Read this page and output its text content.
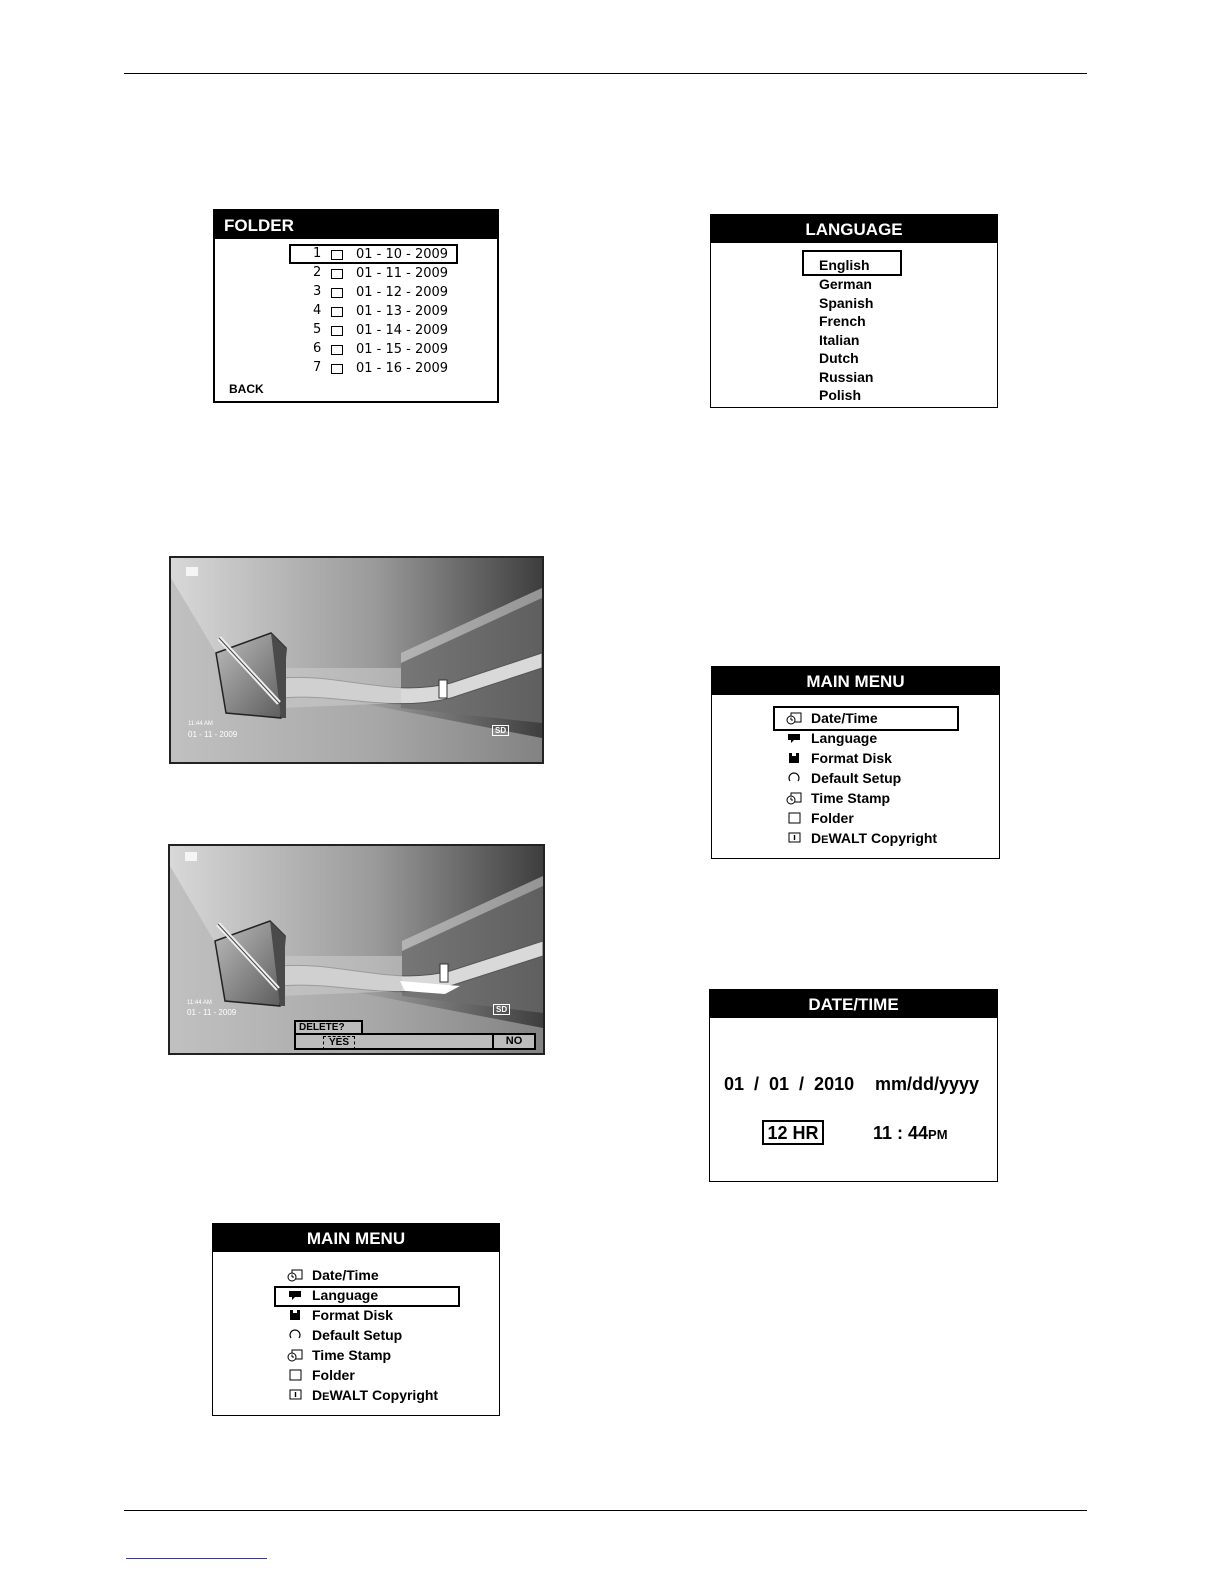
FOLDER
1	01 - 10 - 2009
2	01 - 11 - 2009
3	01 - 12 - 2009
4	01 - 13 - 2009
5	01 - 14 - 2009
6	01 - 15 - 2009
7	01 - 16 - 2009
BACK
LANGUAGE
English
German
Spanish
French
Italian
Dutch
Russian
Polish
11:44 AM
01 - 11 - 2009	SD
11:44 AM
01 - 11 - 2009	SD
DELETE?
YES	NO
MAIN MENU
Date/Time
Language
Format Disk
Default Setup
Time Stamp
Folder
DEWALT Copyright
DATE/TIME
01  /  01  /  2010 mm/dd/yyyy
12 HR	11 : 44PM
MAIN MENU
Date/Time
Language
Format Disk
Default Setup
Time Stamp
Folder
DEWALT Copyright
